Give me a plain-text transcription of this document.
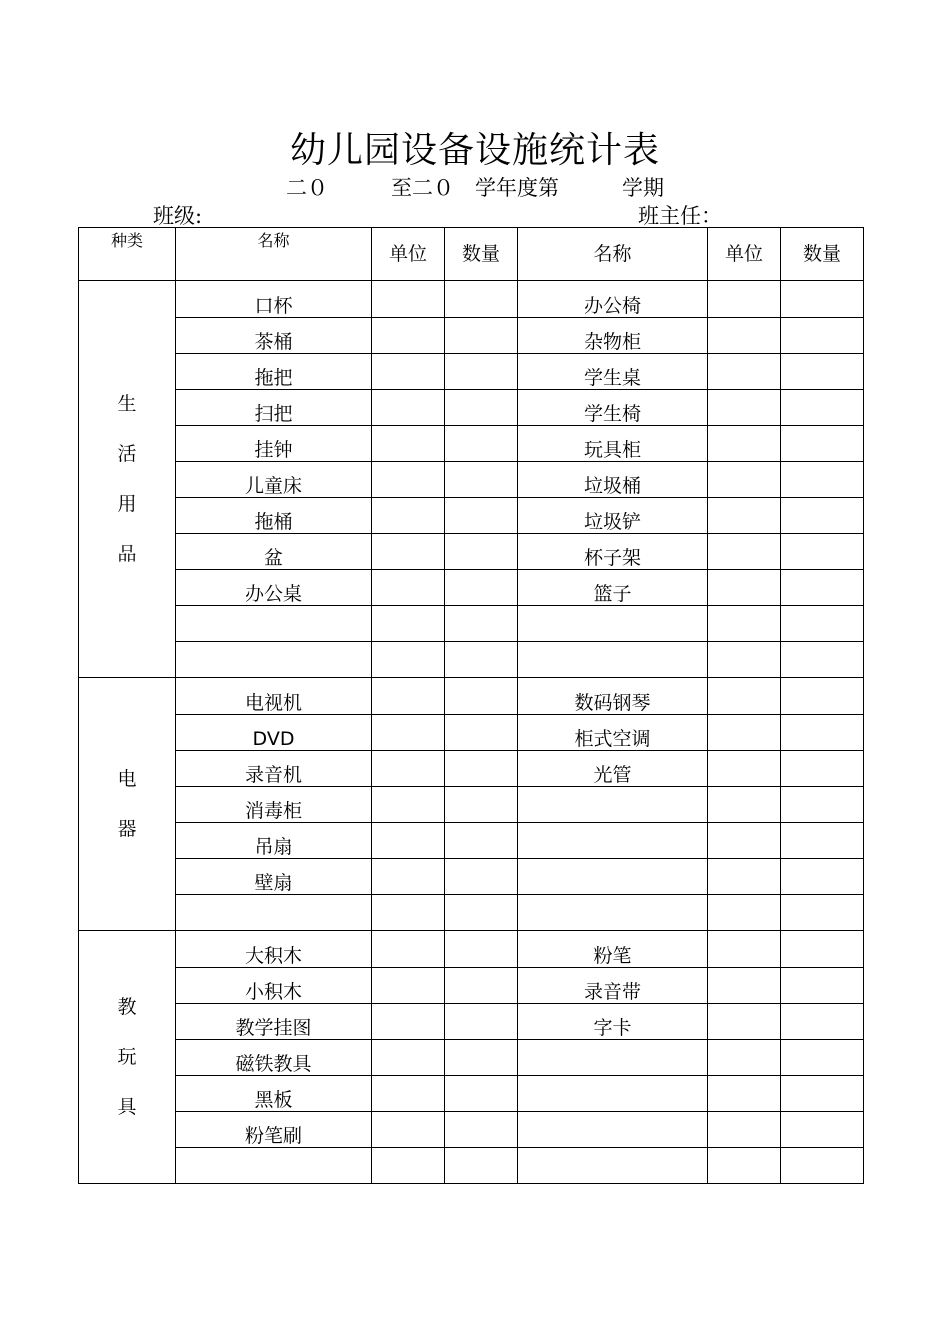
幼儿园设备设施统计表
二０　　　至二０　学年度第　　　学期
班级:	班主任：
种类	名称	单位	数量	名称	单位	数量

生
活
用
品	口杯			办公椅		
	茶桶			杂物柜		
	拖把			学生桌		
	扫把			学生椅		
	挂钟			玩具柜		
	儿童床			垃圾桶		
	拖桶			垃圾铲		
	盆			杯子架		
	办公桌			篮子		

电
器	电视机			数码钢琴		
	DVD			柜式空调		
	录音机			光管		
	消毒柜					
	吊扇					
	壁扇					

教
玩
具	大积木			粉笔		
	小积木			录音带		
	教学挂图			字卡		
	磁铁教具					
	黑板					
	粉笔刷					
